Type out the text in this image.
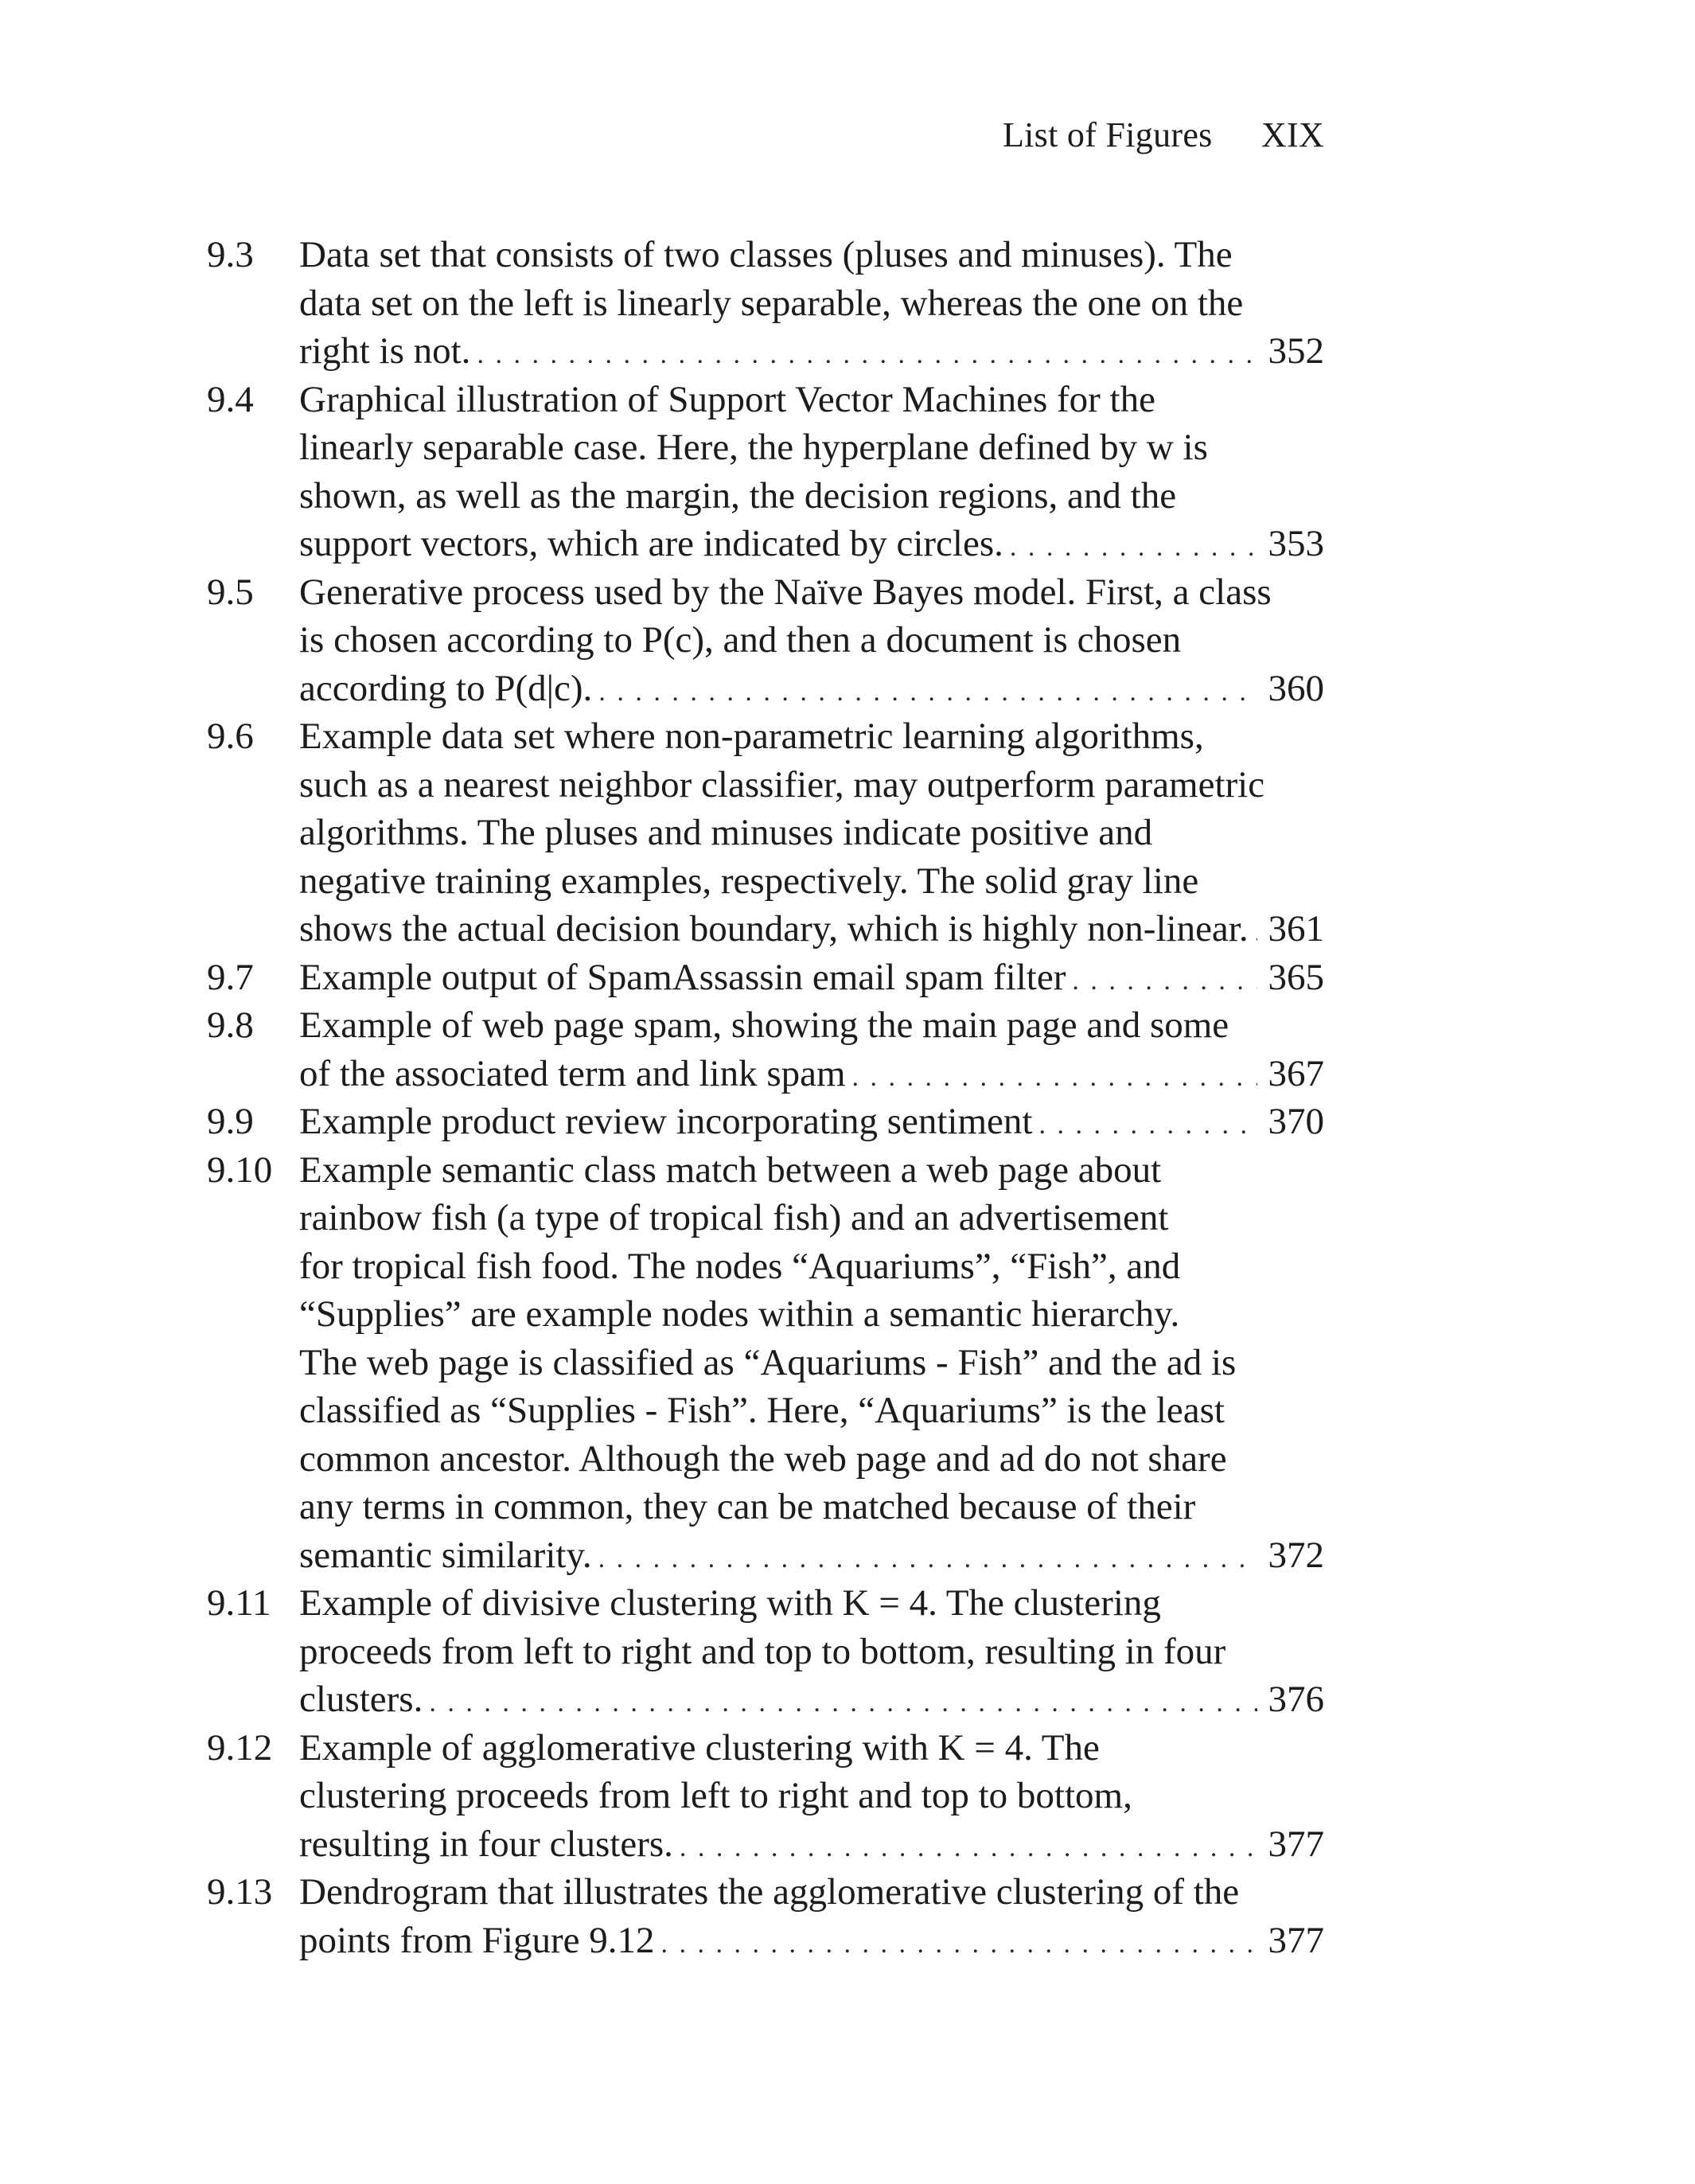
List of Figures XIX
9.3 Data set that consists of two classes (pluses and minuses). The
data set on the left is linearly separable, whereas the one on the
right is not. . . .	352
9.4 Graphical illustration of Support Vector Machines for the
linearly separable case. Here, the hyperplane defined by w is
shown, as well as the margin, the decision regions, and the
support vectors, which are indicated by circles. . . .	353
9.5 Generative process used by the Naïve Bayes model. First, a class
is chosen according to P(c), and then a document is chosen
according to P(d|c). . . .	360
9.6 Example data set where non-parametric learning algorithms,
such as a nearest neighbor classifier, may outperform parametric
algorithms. The pluses and minuses indicate positive and
negative training examples, respectively. The solid gray line
shows the actual decision boundary, which is highly non-linear. . . . 361
9.7 Example output of SpamAssassin email spam filter . . .	365
9.8 Example of web page spam, showing the main page and some
of the associated term and link spam . . .	367
9.9 Example product review incorporating sentiment . . .	370
9.10 Example semantic class match between a web page about
rainbow fish (a type of tropical fish) and an advertisement
for tropical fish food. The nodes “Aquariums”, “Fish”, and
“Supplies” are example nodes within a semantic hierarchy.
The web page is classified as “Aquariums - Fish” and the ad is
classified as “Supplies - Fish”. Here, “Aquariums” is the least
common ancestor. Although the web page and ad do not share
any terms in common, they can be matched because of their
semantic similarity. . . .	372
9.11 Example of divisive clustering with K = 4. The clustering
proceeds from left to right and top to bottom, resulting in four
clusters. . . .	376
9.12 Example of agglomerative clustering with K = 4. The
clustering proceeds from left to right and top to bottom,
resulting in four clusters. . . .	377
9.13 Dendrogram that illustrates the agglomerative clustering of the
points from Figure 9.12 . . .	377
